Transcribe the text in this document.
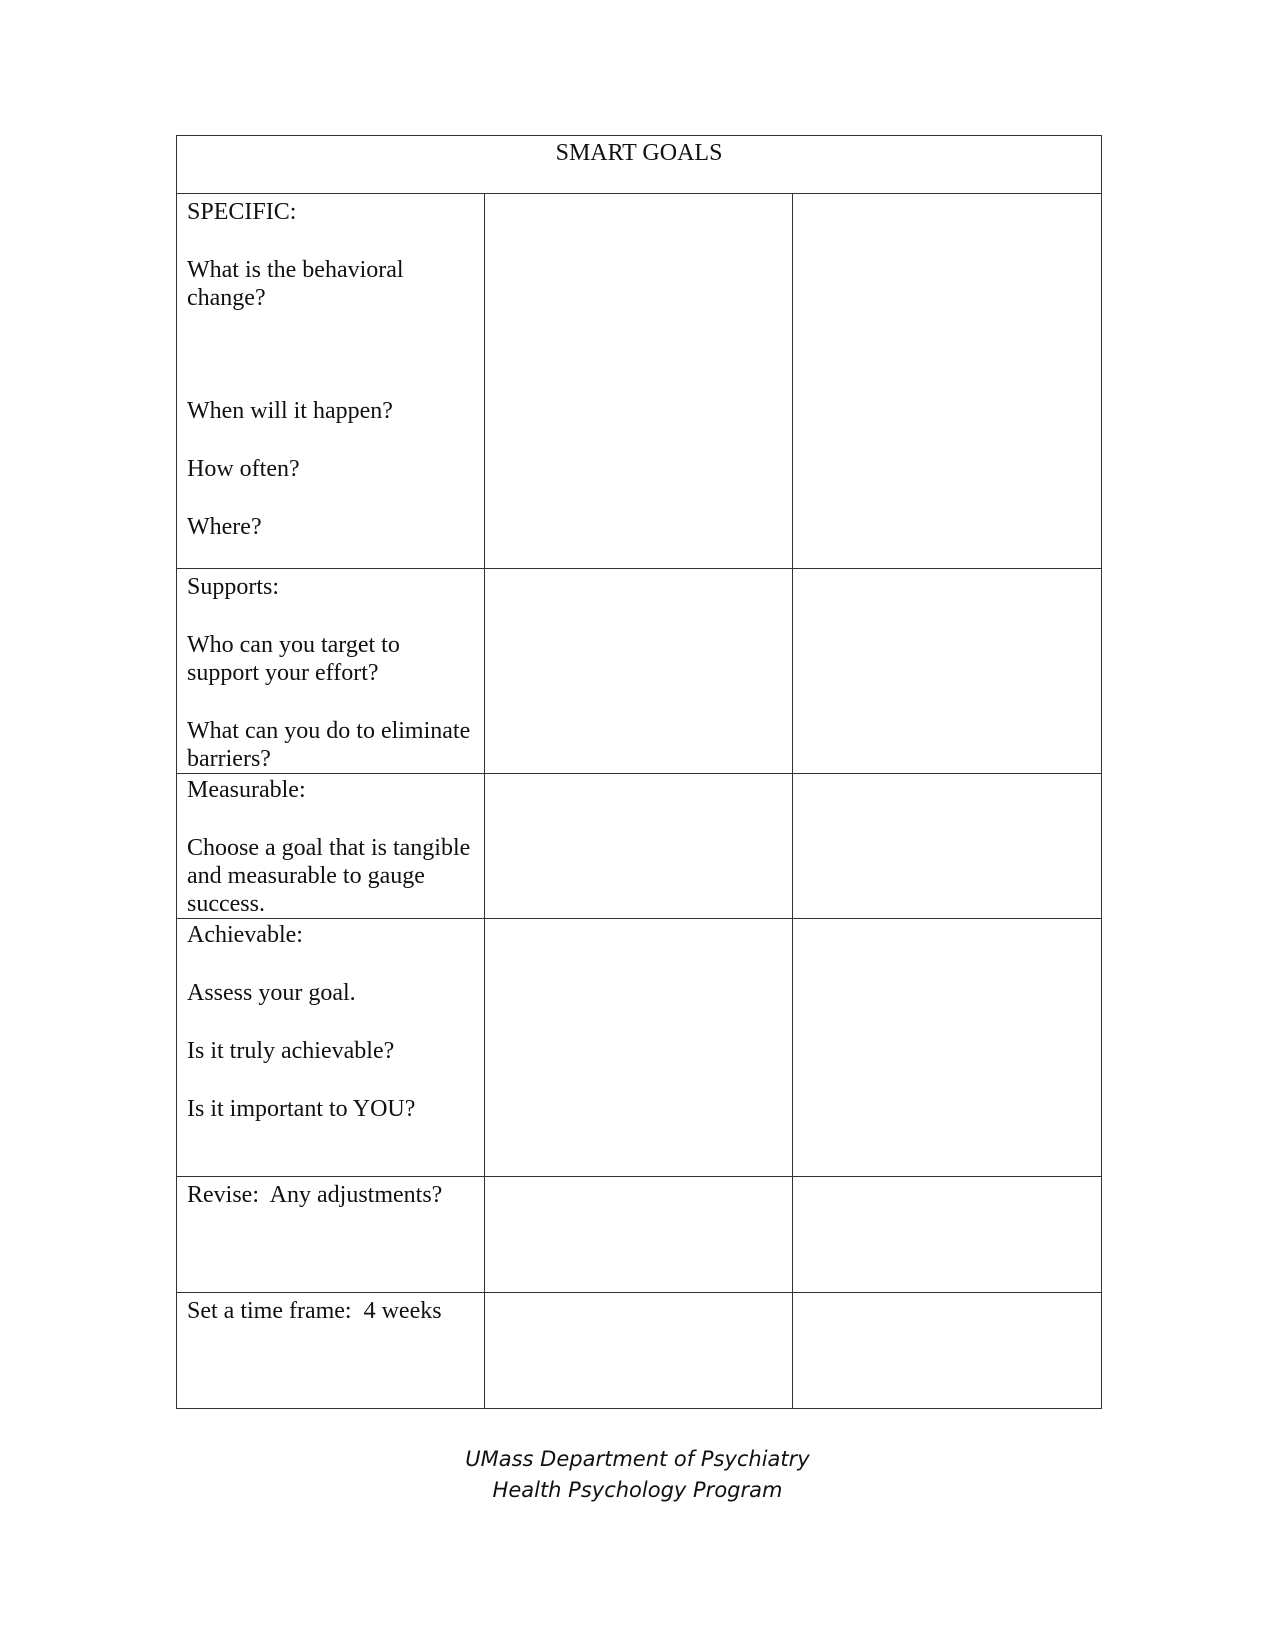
SMART GOALS		

SPECIFIC:
What is the behavioral change?
When will it happen?
How often?
Where?		

Supports:
Who can you target to support your effort?
What can you do to eliminate barriers?		

Measurable:
Choose a goal that is tangible and measurable to gauge success.		

Achievable:
Assess your goal.
Is it truly achievable?
Is it important to YOU?		

Revise:  Any adjustments?		

Set a time frame:  4 weeks		

UMass Department of Psychiatry
Health Psychology Program
